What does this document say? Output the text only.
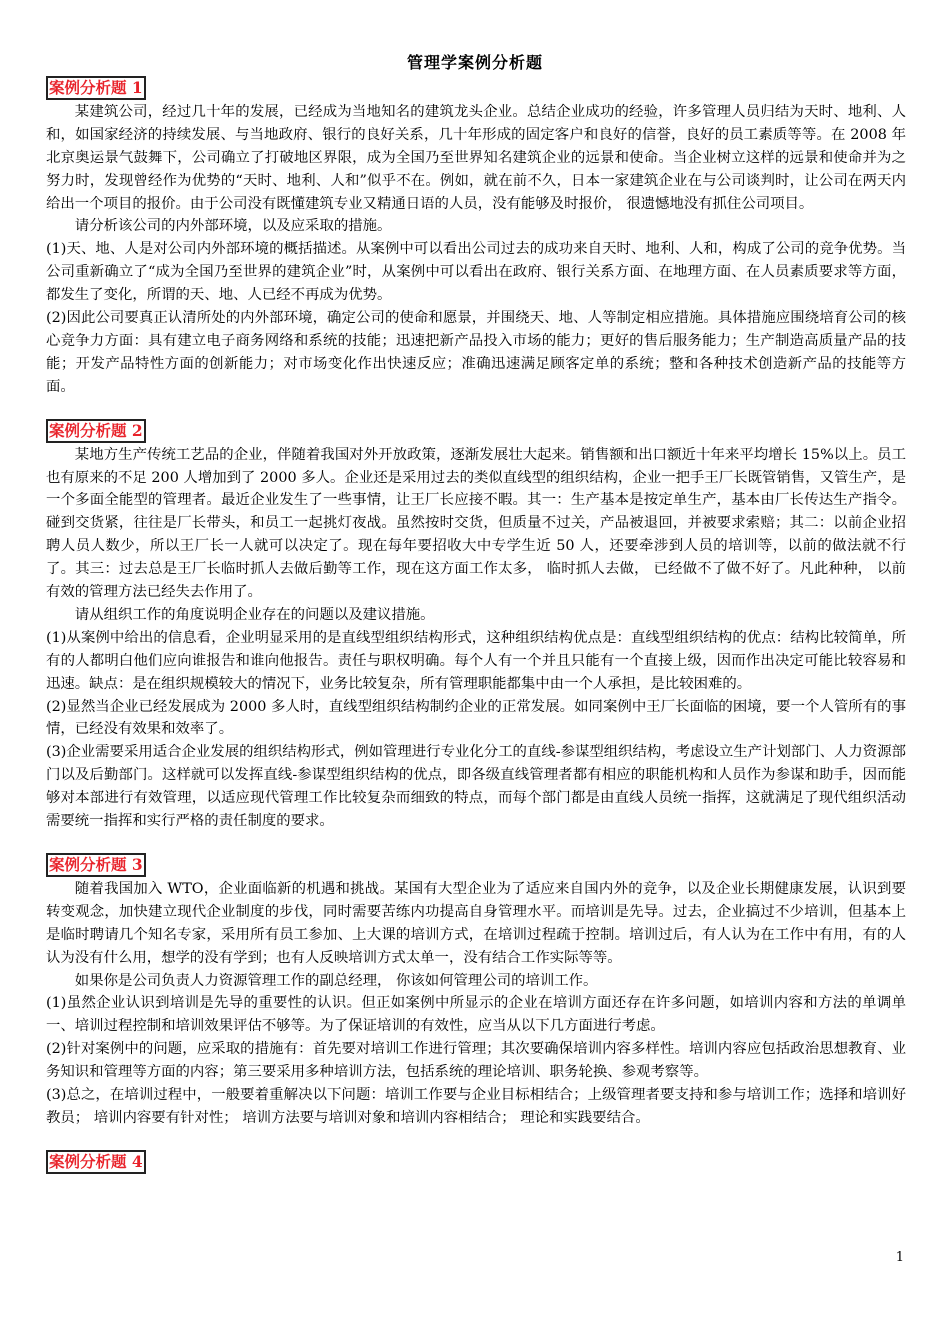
管理学案例分析题
案例分析题 1

某建筑公司，经过几十年的发展，已经成为当地知名的建筑龙头企业。总结企业成功的经验，许多管理人员归结为天时、地利、人和，如国家经济的持续发展、与当地政府、银行的良好关系，几十年形成的固定客户和良好的信誉，良好的员工素质等等。在 2008 年北京奥运景气鼓舞下，公司确立了打破地区界限，成为全国乃至世界知名建筑企业的远景和使命。当企业树立这样的远景和使命并为之努力时，发现曾经作为优势的“天时、地利、人和”似乎不在。例如，就在前不久，日本一家建筑企业在与公司谈判时，让公司在两天内给出一个项目的报价。由于公司没有既懂建筑专业又精通日语的人员，没有能够及时报价， 很遗憾地没有抓住公司项目。

请分析该公司的内外部环境，以及应采取的措施。

(1)天、地、人是对公司内外部环境的概括描述。从案例中可以看出公司过去的成功来自天时、地利、人和，构成了公司的竞争优势。当公司重新确立了“成为全国乃至世界的建筑企业”时，从案例中可以看出在政府、银行关系方面、在地理方面、在人员素质要求等方面， 都发生了变化，所谓的天、地、人已经不再成为优势。

(2)因此公司要真正认清所处的内外部环境，确定公司的使命和愿景，并围绕天、地、人等制定相应措施。具体措施应围绕培育公司的核心竞争力方面：具有建立电子商务网络和系统的技能；迅速把新产品投入市场的能力；更好的售后服务能力；生产制造高质量产品的技能；开发产品特性方面的创新能力；对市场变化作出快速反应；准确迅速满足顾客定单的系统；整和各种技术创造新产品的技能等方面。

案例分析题 2

某地方生产传统工艺品的企业，伴随着我国对外开放政策，逐渐发展壮大起来。销售额和出口额近十年来平均增长 15%以上。员工也有原来的不足 200 人增加到了 2000 多人。企业还是采用过去的类似直线型的组织结构，企业一把手王厂长既管销售，又管生产，是一个多面全能型的管理者。最近企业发生了一些事情，让王厂长应接不暇。其一：生产基本是按定单生产，基本由厂长传达生产指令。碰到交货紧，往往是厂长带头，和员工一起挑灯夜战。虽然按时交货，但质量不过关，产品被退回，并被要求索赔；其二：以前企业招聘人员人数少，所以王厂长一人就可以决定了。现在每年要招收大中专学生近 50 人，还要牵涉到人员的培训等，以前的做法就不行了。其三：过去总是王厂长临时抓人去做后勤等工作，现在这方面工作太多， 临时抓人去做， 已经做不了做不好了。凡此种种， 以前有效的管理方法已经失去作用了。

请从组织工作的角度说明企业存在的问题以及建议措施。

(1)从案例中给出的信息看，企业明显采用的是直线型组织结构形式，这种组织结构优点是：直线型组织结构的优点：结构比较简单，所有的人都明白他们应向谁报告和谁向他报告。责任与职权明确。每个人有一个并且只能有一个直接上级，因而作出决定可能比较容易和迅速。缺点：是在组织规模较大的情况下，业务比较复杂，所有管理职能都集中由一个人承担，是比较困难的。

(2)显然当企业已经发展成为 2000 多人时，直线型组织结构制约企业的正常发展。如同案例中王厂长面临的困境，要一个人管所有的事情，已经没有效果和效率了。

(3)企业需要采用适合企业发展的组织结构形式，例如管理进行专业化分工的直线-参谋型组织结构，考虑设立生产计划部门、人力资源部门以及后勤部门。这样就可以发挥直线-参谋型组织结构的优点，即各级直线管理者都有相应的职能机构和人员作为参谋和助手，因而能够对本部进行有效管理，以适应现代管理工作比较复杂而细致的特点，而每个部门都是由直线人员统一指挥，这就满足了现代组织活动需要统一指挥和实行严格的责任制度的要求。

案例分析题 3

随着我国加入 WTO，企业面临新的机遇和挑战。某国有大型企业为了适应来自国内外的竞争，以及企业长期健康发展，认识到要转变观念，加快建立现代企业制度的步伐，同时需要苦练内功提高自身管理水平。而培训是先导。过去，企业搞过不少培训，但基本上是临时聘请几个知名专家，采用所有员工参加、上大课的培训方式，在培训过程疏于控制。培训过后，有人认为在工作中有用，有的人认为没有什么用，想学的没有学到；也有人反映培训方式太单一，没有结合工作实际等等。

如果你是公司负责人力资源管理工作的副总经理， 你该如何管理公司的培训工作。

(1)虽然企业认识到培训是先导的重要性的认识。但正如案例中所显示的企业在培训方面还存在许多问题，如培训内容和方法的单调单一、培训过程控制和培训效果评估不够等。为了保证培训的有效性，应当从以下几方面进行考虑。

(2)针对案例中的问题，应采取的措施有：首先要对培训工作进行管理；其次要确保培训内容多样性。培训内容应包括政治思想教育、业务知识和管理等方面的内容；第三要采用多种培训方法，包括系统的理论培训、职务轮换、参观考察等。

(3)总之，在培训过程中，一般要着重解决以下问题：培训工作要与企业目标相结合；上级管理者要支持和参与培训工作；选择和培训好教员； 培训内容要有针对性； 培训方法要与培训对象和培训内容相结合； 理论和实践要结合。

案例分析题 4
1
